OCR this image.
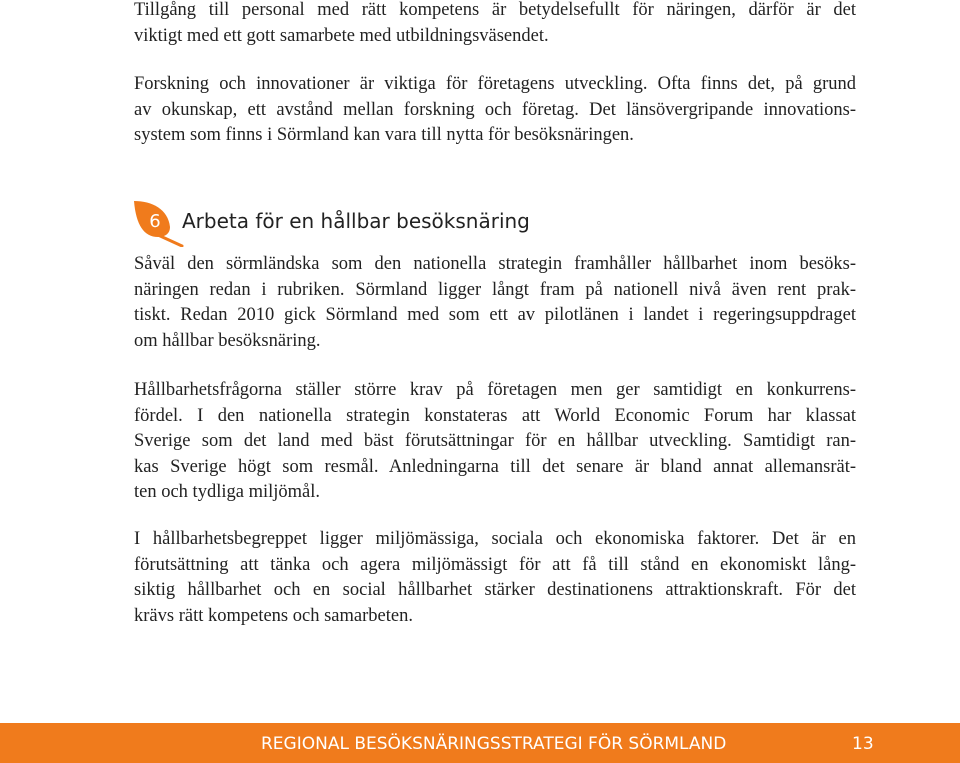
Tillgång till personal med rätt kompetens är betydelsefullt för näringen, därför är det
viktigt med ett gott samarbete med utbildningsväsendet.

Forskning och innovationer är viktiga för företagens utveckling. Ofta finns det, på grund
av okunskap, ett avstånd mellan forskning och företag. Det länsövergripande innovations-
system som finns i Sörmland kan vara till nytta för besöksnäringen.

6 Arbeta för en hållbar besöksnäring

Såväl den sörmländska som den nationella strategin framhåller hållbarhet inom besöks-
näringen redan i rubriken. Sörmland ligger långt fram på nationell nivå även rent prak-
tiskt. Redan 2010 gick Sörmland med som ett av pilotlänen i landet i regeringsuppdraget
om hållbar besöksnäring.

Hållbarhetsfrågorna ställer större krav på företagen men ger samtidigt en konkurrens-
fördel. I den nationella strategin konstateras att World Economic Forum har klassat
Sverige som det land med bäst förutsättningar för en hållbar utveckling. Samtidigt ran-
kas Sverige högt som resmål. Anledningarna till det senare är bland annat allemansrät-
ten och tydliga miljömål.

I hållbarhetsbegreppet ligger miljömässiga, sociala och ekonomiska faktorer. Det är en
förutsättning att tänka och agera miljömässigt för att få till stånd en ekonomiskt lång-
siktig hållbarhet och en social hållbarhet stärker destinationens attraktionskraft. För det
krävs rätt kompetens och samarbeten.

REGIONAL BESÖKSNÄRINGSSTRATEGI FÖR SÖRMLAND	13
